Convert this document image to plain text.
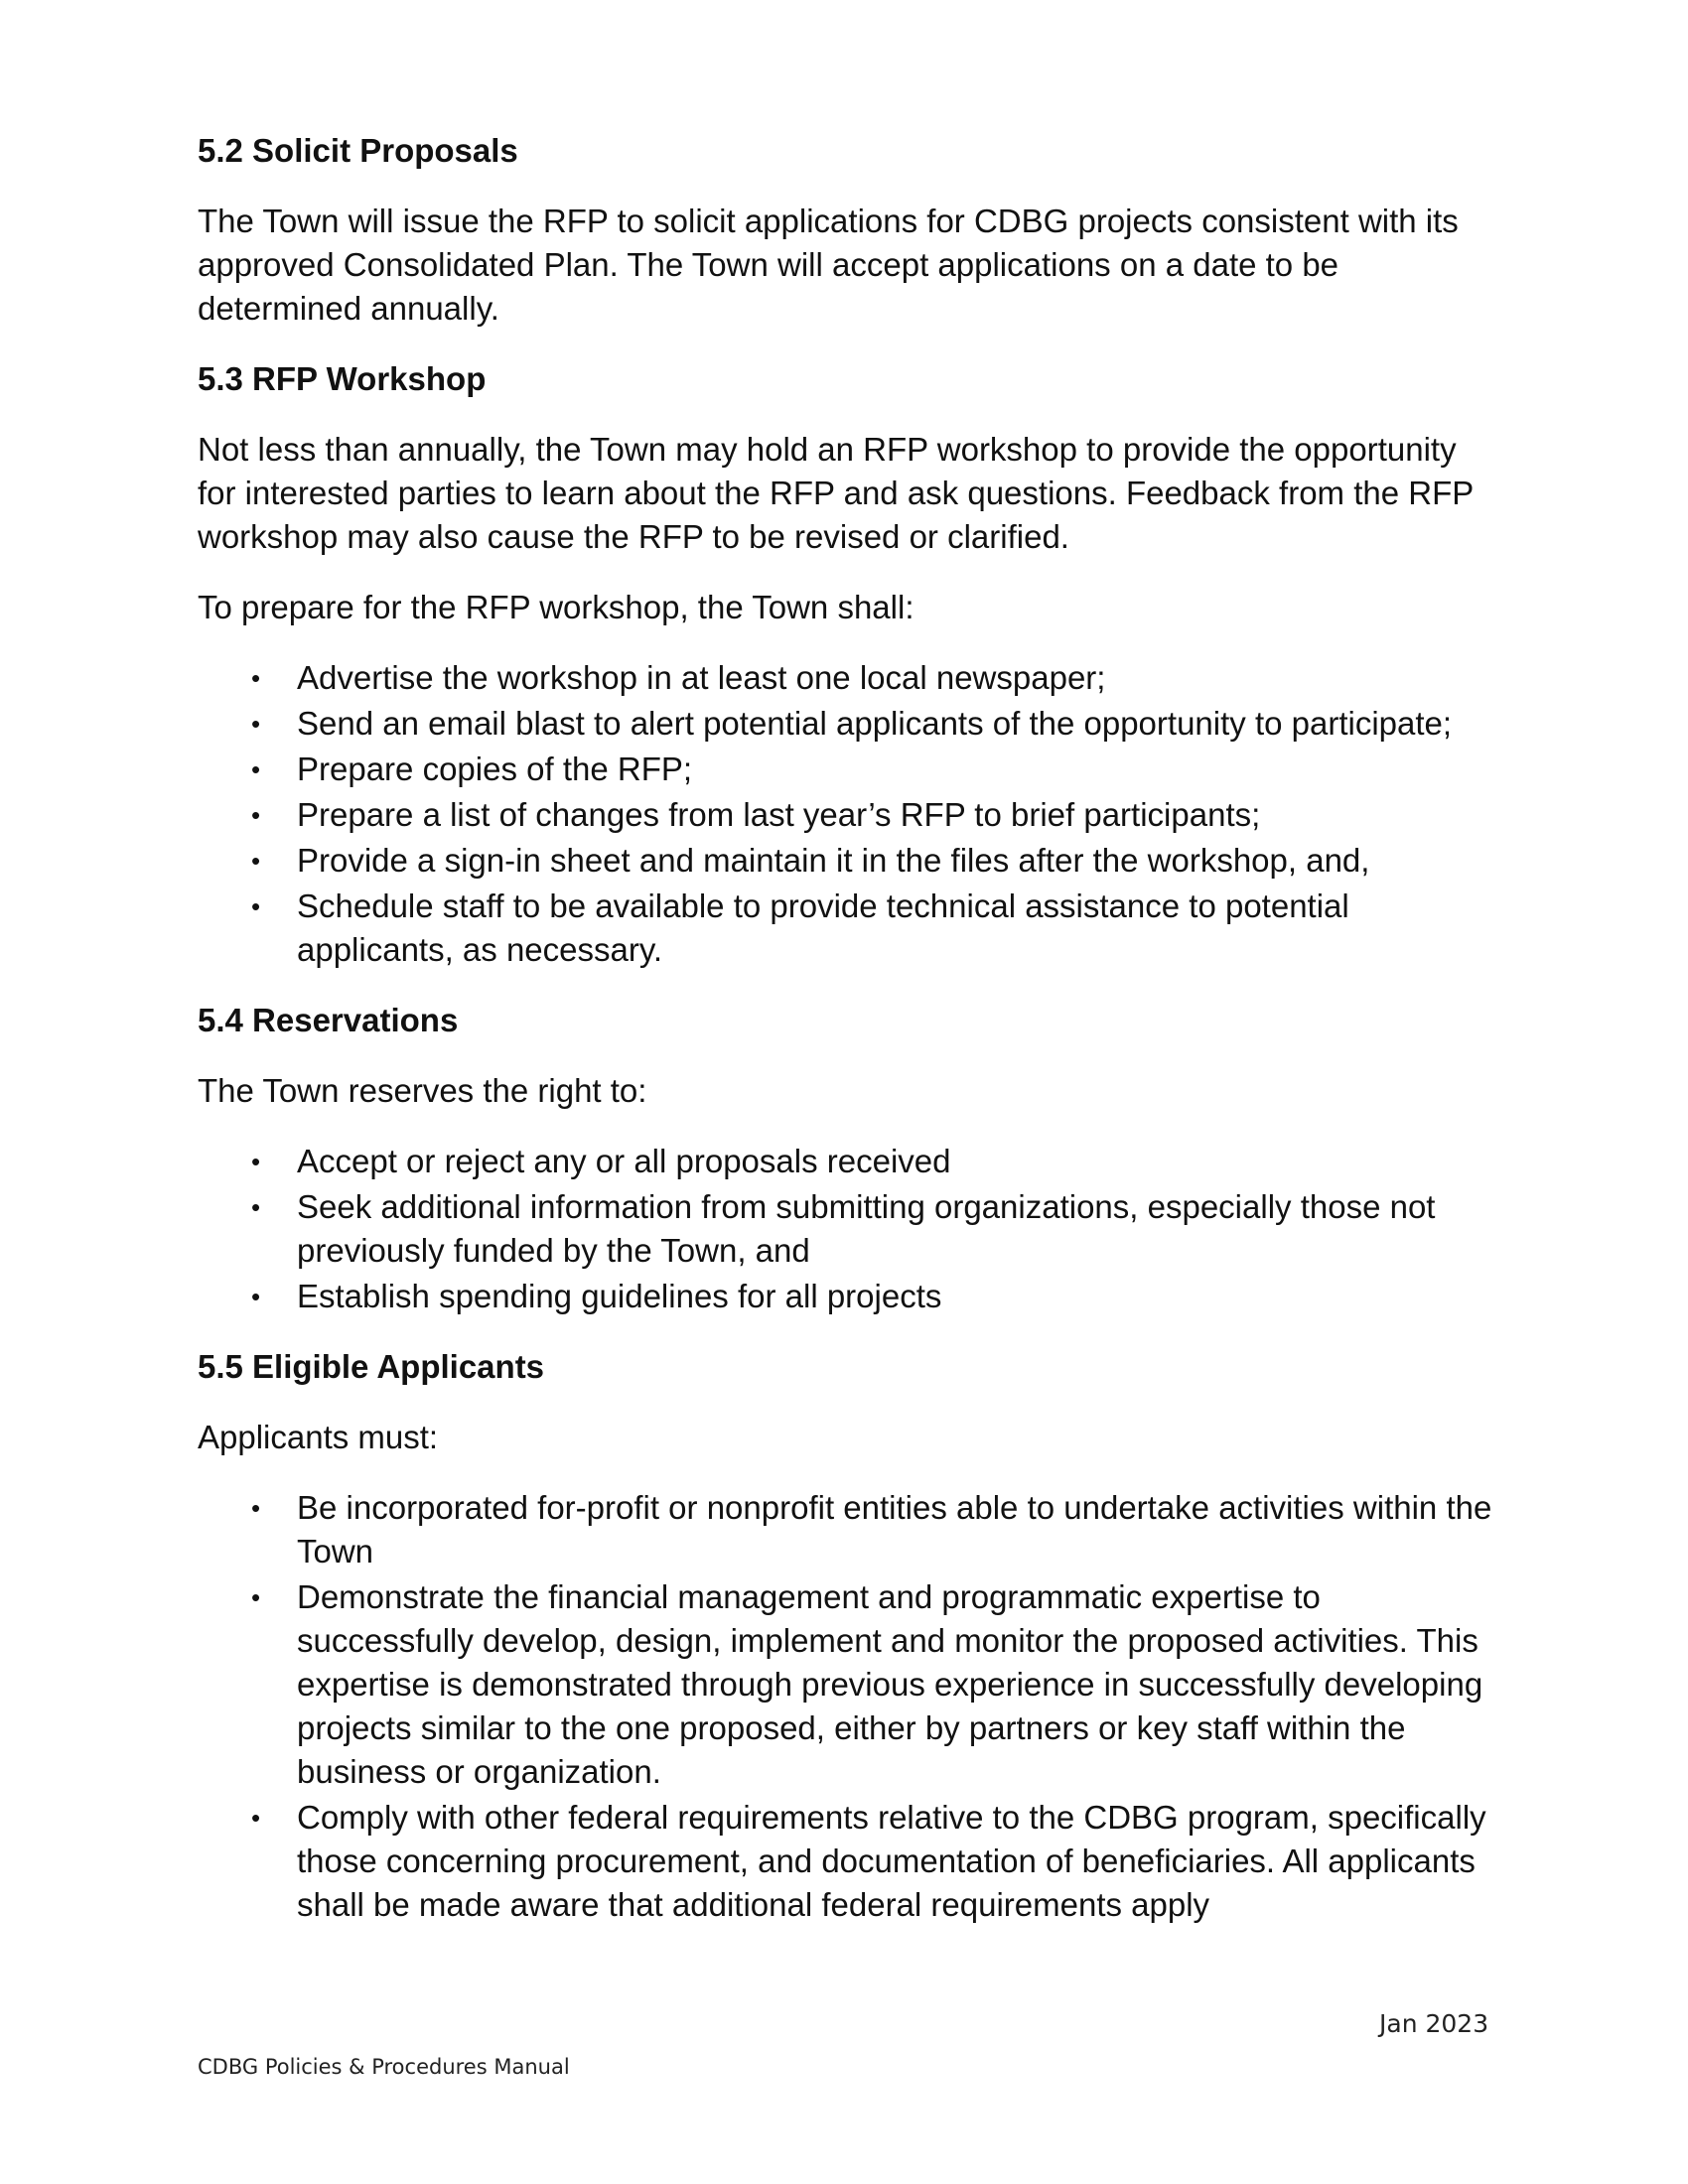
5.2 Solicit Proposals

The Town will issue the RFP to solicit applications for CDBG projects consistent with its approved Consolidated Plan. The Town will accept applications on a date to be determined annually.

5.3 RFP Workshop

Not less than annually, the Town may hold an RFP workshop to provide the opportunity for interested parties to learn about the RFP and ask questions. Feedback from the RFP workshop may also cause the RFP to be revised or clarified.

To prepare for the RFP workshop, the Town shall:

• Advertise the workshop in at least one local newspaper;
• Send an email blast to alert potential applicants of the opportunity to participate;
• Prepare copies of the RFP;
• Prepare a list of changes from last year’s RFP to brief participants;
• Provide a sign-in sheet and maintain it in the files after the workshop, and,
• Schedule staff to be available to provide technical assistance to potential applicants, as necessary.
5.4 Reservations

The Town reserves the right to:

• Accept or reject any or all proposals received
• Seek additional information from submitting organizations, especially those not previously funded by the Town, and
• Establish spending guidelines for all projects
5.5 Eligible Applicants

Applicants must:

• Be incorporated for-profit or nonprofit entities able to undertake activities within the Town
• Demonstrate the financial management and programmatic expertise to successfully develop, design, implement and monitor the proposed activities. This expertise is demonstrated through previous experience in successfully developing projects similar to the one proposed, either by partners or key staff within the business or organization.
• Comply with other federal requirements relative to the CDBG program, specifically those concerning procurement, and documentation of beneficiaries. All applicants shall be made aware that additional federal requirements apply
Jan 2023
CDBG Policies & Procedures Manual
